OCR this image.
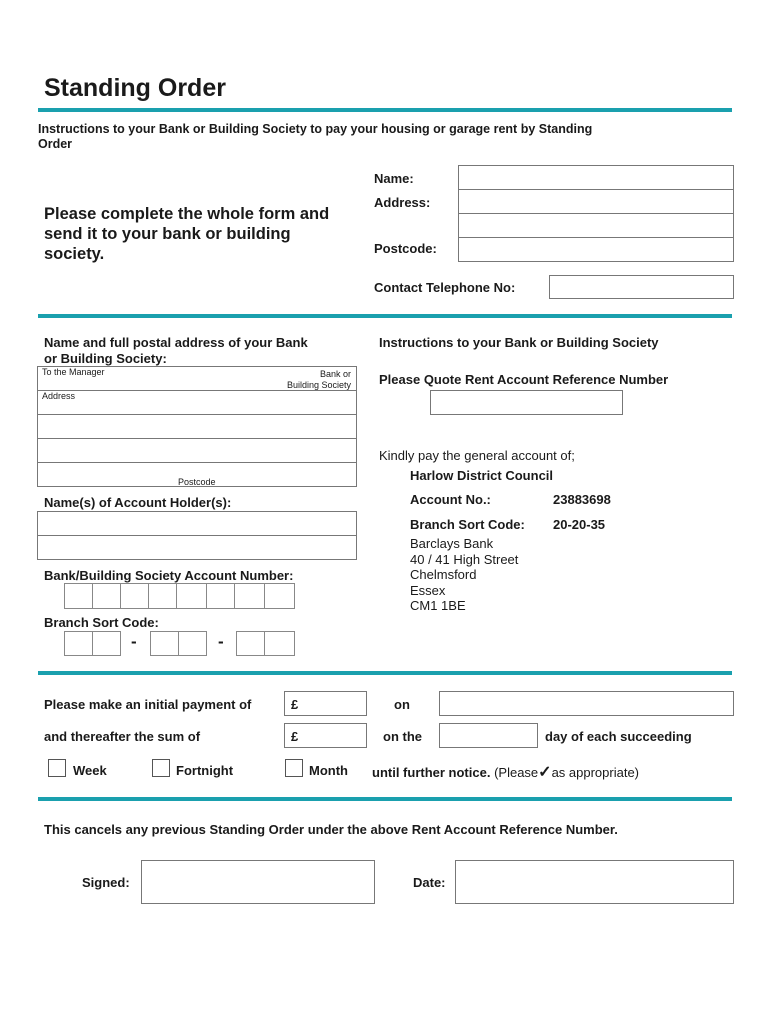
Standing Order
Instructions to your Bank or Building Society to pay your housing or garage rent by Standing
Order
Please complete the whole form and
send it to your bank or building
society.
Name:
Address:
Postcode:
Contact Telephone No:
Name and full postal address of your Bank
or Building Society:
To the Manager	Bank or
Building Society
Address
Postcode
Name(s) of Account Holder(s):
Bank/Building Society Account Number:
Branch Sort Code:
-	-
Instructions to your Bank or Building Society
Please Quote Rent Account Reference Number
Kindly pay the general account of;
Harlow District Council
Account No.:	23883698
Branch Sort Code: 20-20-35
Barclays Bank
40 / 41 High Street
Chelmsford
Essex
CM1 1BE
Please make an initial payment of	£	on
and thereafter the sum of	£	on the	day of each succeeding
Week	Fortnight	Month until further notice. (Please✓as appropriate)
This cancels any previous Standing Order under the above Rent Account Reference Number.
Signed:	Date:
